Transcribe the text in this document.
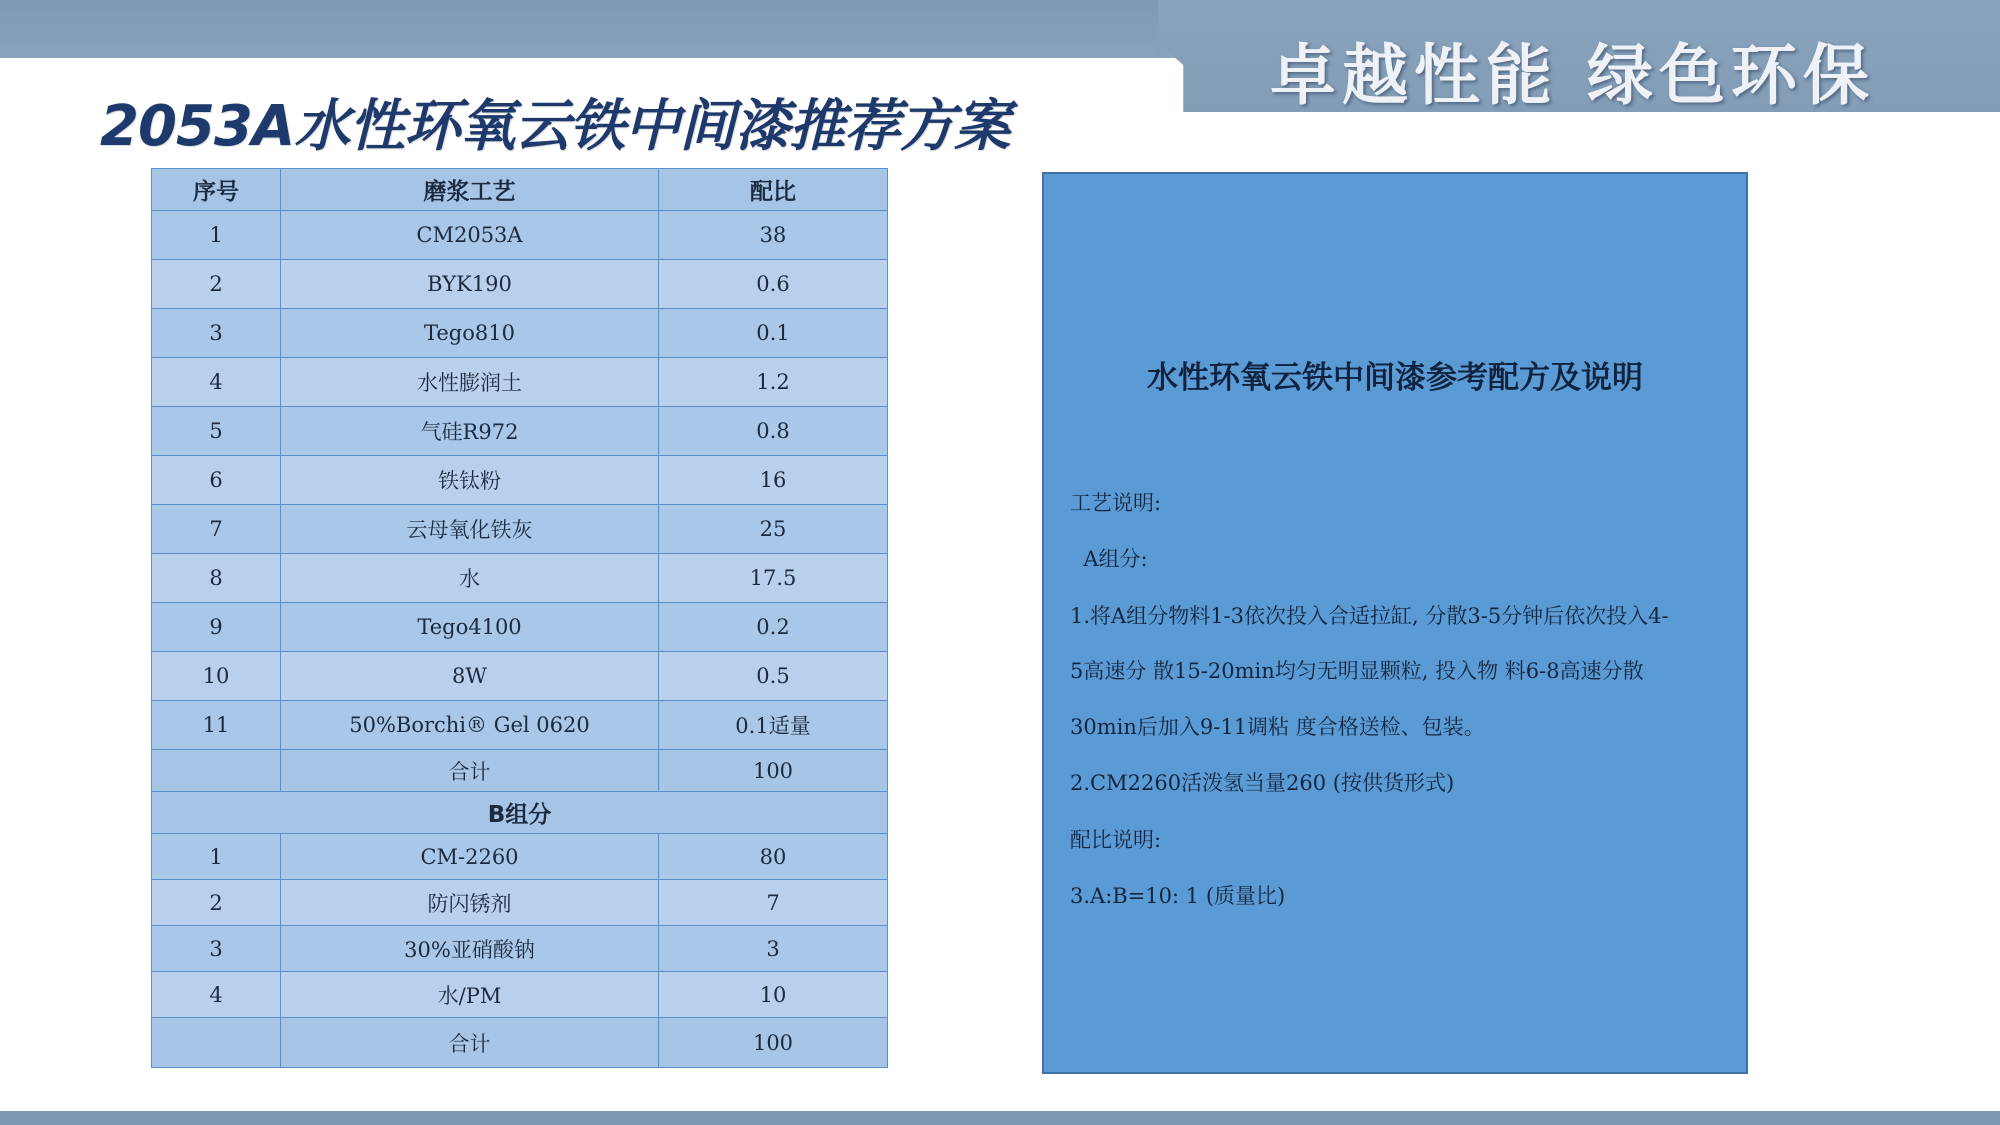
卓越性能 绿色环保
2053A水性环氧云铁中间漆推荐方案
序号	磨浆工艺	配比
1	CM2053A	38
2	BYK190	0.6
3	Tego810	0.1
4	水性膨润土	1.2
5	气硅R972	0.8
6	铁钛粉	16
7	云母氧化铁灰	25
8	水	17.5
9	Tego4100	0.2
10	8W	0.5
11	50%Borchi® Gel 0620	0.1适量
	合计	100
B组分		
1	CM-2260	80
2	防闪锈剂	7
3	30%亚硝酸钠	3
4	水/PM	10
	合计	100
水性环氧云铁中间漆参考配方及说明
工艺说明:
A组分:
1.将A组分物料1-3依次投入合适拉缸, 分散3-5分钟后依次投入4-
5高速分 散15-20min均匀无明显颗粒, 投入物 料6-8高速分散
30min后加入9-11调粘 度合格送检、包装。
2.CM2260活泼氢当量260 (按供货形式)
配比说明:
3.A:B=10: 1 (质量比)
